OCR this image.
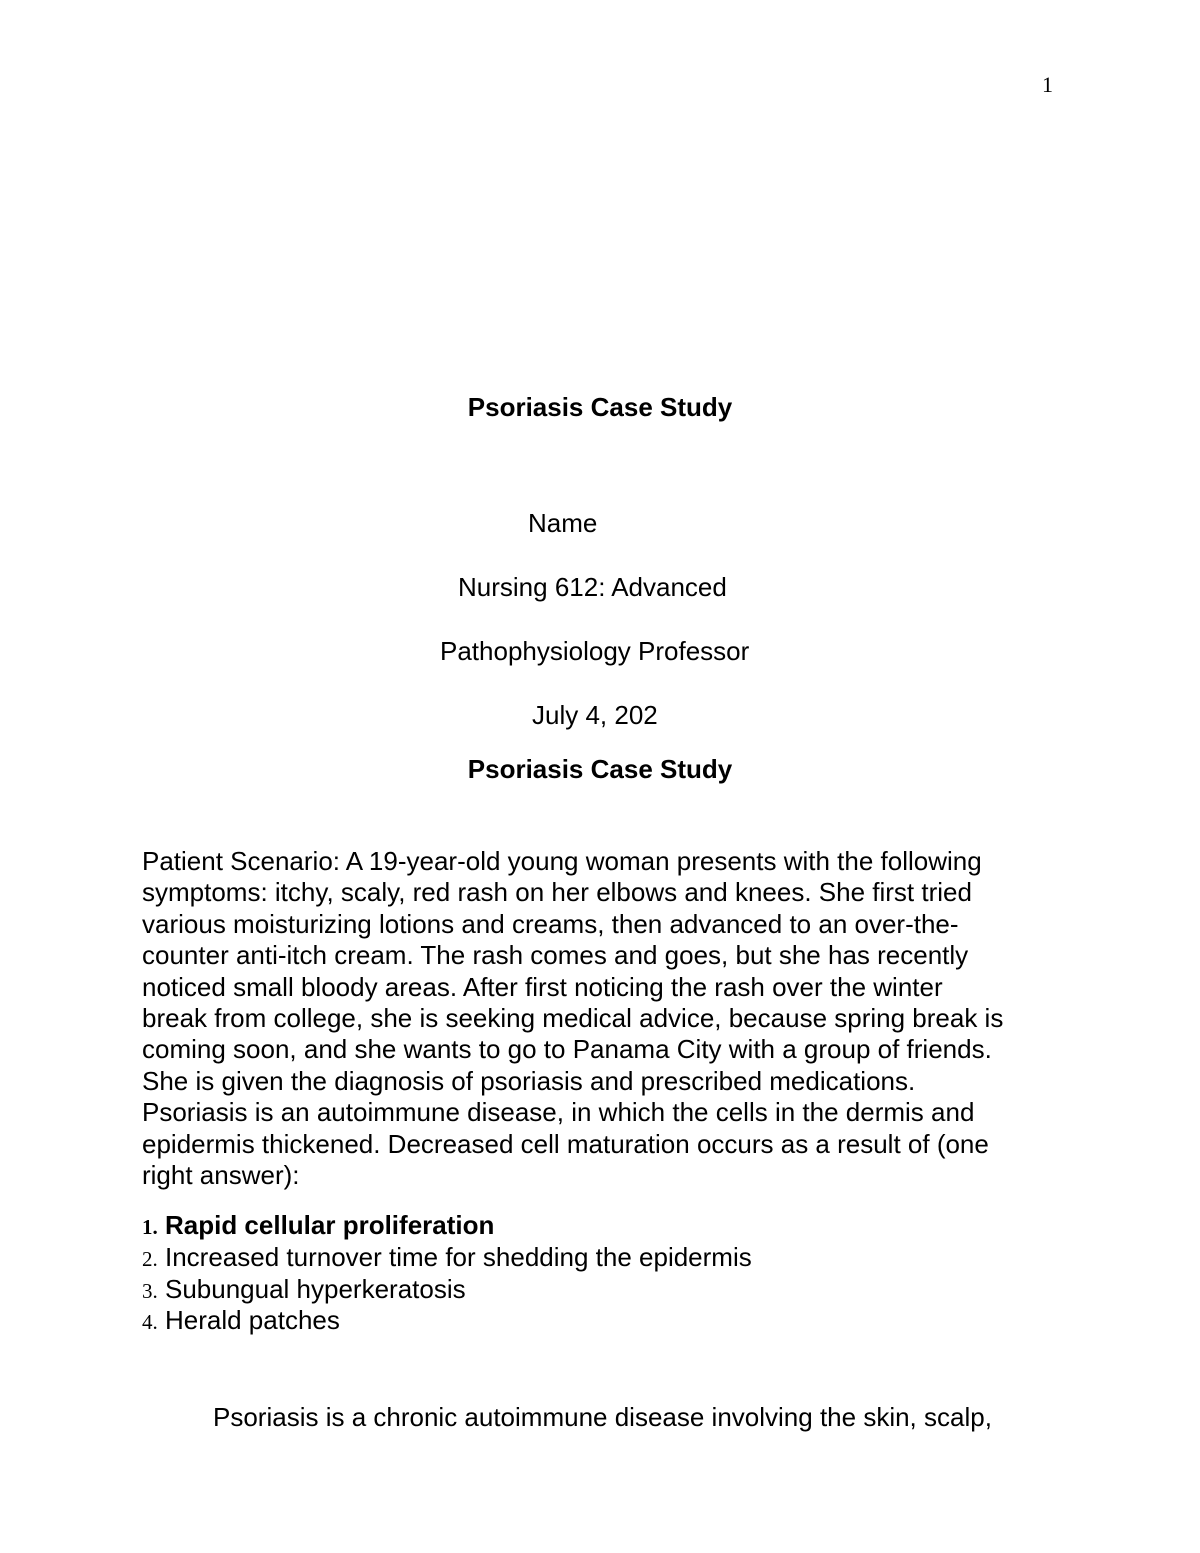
1
Psoriasis Case Study
Name
Nursing 612: Advanced
Pathophysiology Professor
July 4, 202
Psoriasis Case Study
Patient Scenario: A 19-year-old young woman presents with the following
symptoms: itchy, scaly, red rash on her elbows and knees. She first tried
various moisturizing lotions and creams, then advanced to an over-the-
counter anti-itch cream. The rash comes and goes, but she has recently
noticed small bloody areas. After first noticing the rash over the winter
break from college, she is seeking medical advice, because spring break is
coming soon, and she wants to go to Panama City with a group of friends.
She is given the diagnosis of psoriasis and prescribed medications.
Psoriasis is an autoimmune disease, in which the cells in the dermis and
epidermis thickened. Decreased cell maturation occurs as a result of (one
right answer):
1. Rapid cellular proliferation
2. Increased turnover time for shedding the epidermis
3. Subungual hyperkeratosis
4. Herald patches
Psoriasis is a chronic autoimmune disease involving the skin, scalp,
